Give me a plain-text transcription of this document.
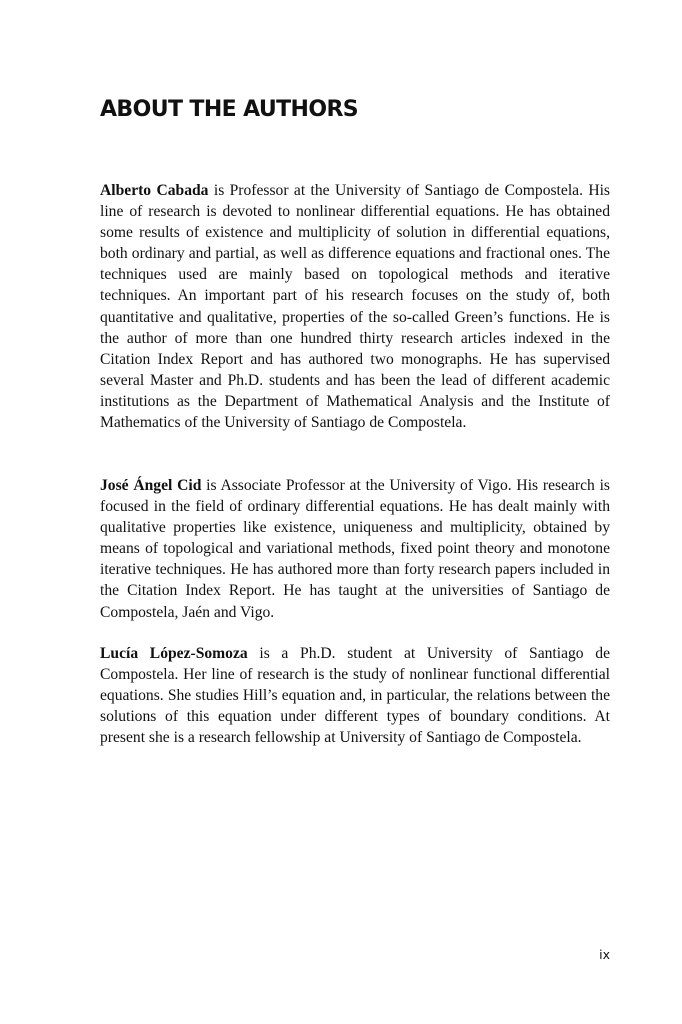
ABOUT THE AUTHORS

Alberto Cabada is Professor at the University of Santiago de Compostela. His line of research is devoted to nonlinear differential equations. He has obtained some results of existence and multiplicity of solution in differential equations, both ordinary and partial, as well as difference equations and fractional ones. The techniques used are mainly based on topological methods and iterative techniques. An important part of his research focuses on the study of, both quantitative and qualitative, properties of the so-called Green’s functions. He is the author of more than one hundred thirty research articles indexed in the Citation Index Report and has authored two monographs. He has supervised several Master and Ph.D. students and has been the lead of different academic institutions as the Department of Mathematical Analysis and the Institute of Mathematics of the University of Santiago de Compostela.

José Ángel Cid is Associate Professor at the University of Vigo. His research is focused in the field of ordinary differential equations. He has dealt mainly with qualitative properties like existence, uniqueness and multiplicity, obtained by means of topological and variational methods, fixed point theory and monotone iterative techniques. He has authored more than forty research papers included in the Citation Index Report. He has taught at the universities of Santiago de Compostela, Jaén and Vigo.

Lucía López-Somoza is a Ph.D. student at University of Santiago de Compostela. Her line of research is the study of nonlinear functional differential equations. She studies Hill’s equation and, in particular, the relations between the solutions of this equation under different types of boundary conditions. At present she is a research fellowship at University of Santiago de Compostela.

ix
